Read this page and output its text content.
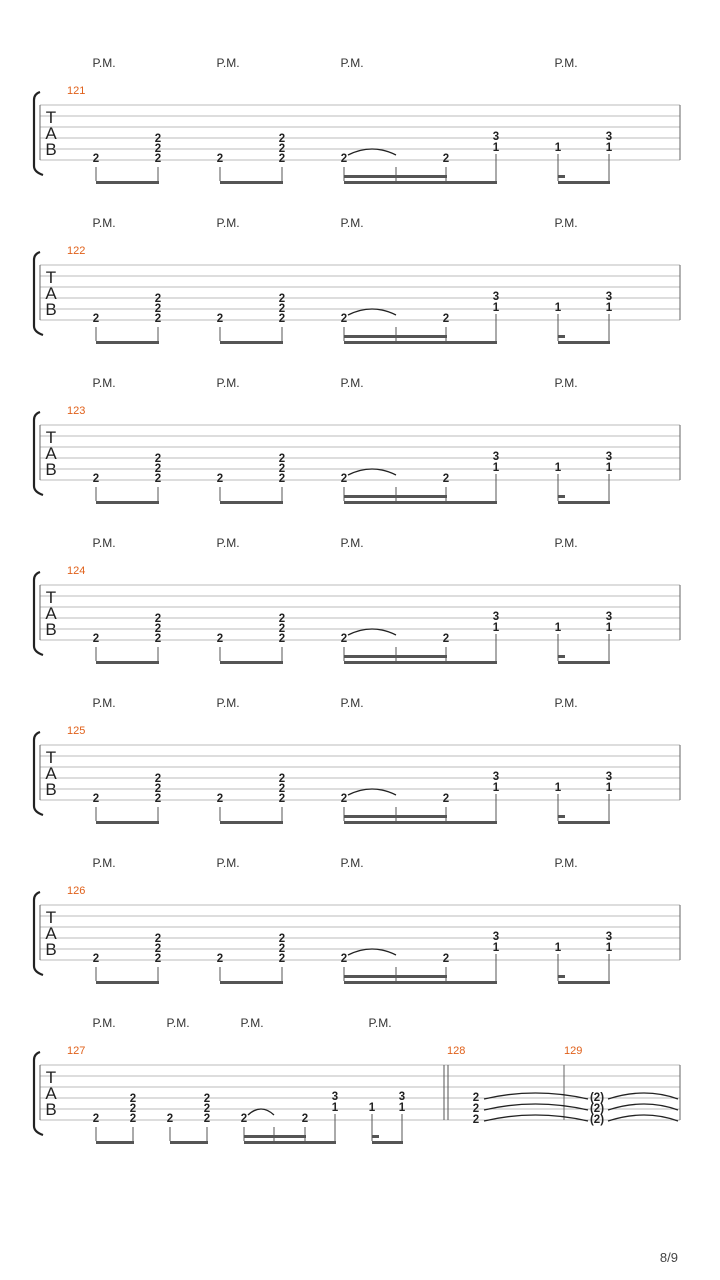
P.M.	P.M.	P.M.	P.M.
121
T
A
B	2
2
2
2	2
2
2
2	2	2
3
1	1
3
1
P.M.	P.M.	P.M.	P.M.
122
T
A
B	2
2
2
2	2
2
2
2	2	2
3
1	1
3
1
P.M.	P.M.	P.M.	P.M.
123
T
A
B	2
2
2
2	2
2
2
2	2	2
3
1	1
3
1
P.M.	P.M.	P.M.	P.M.
124
T
A
B	2
2
2
2	2
2
2
2	2	2
3
1	1
3
1
P.M.	P.M.	P.M.	P.M.
125
T
A
B	2
2
2
2	2
2
2
2	2	2
3
1	1
3
1
P.M.	P.M.	P.M.	P.M.
126
T
A
B	2
2
2
2	2
2
2
2	2	2
3
1	1
3
1
P.M.	P.M.	P.M.	P.M.
127	128	129
T
A
B	2
2
2
2	2
2
2
2	2	2
3
1	1
3
1
2	(2)
2	(2)
2	(2)
8/9
